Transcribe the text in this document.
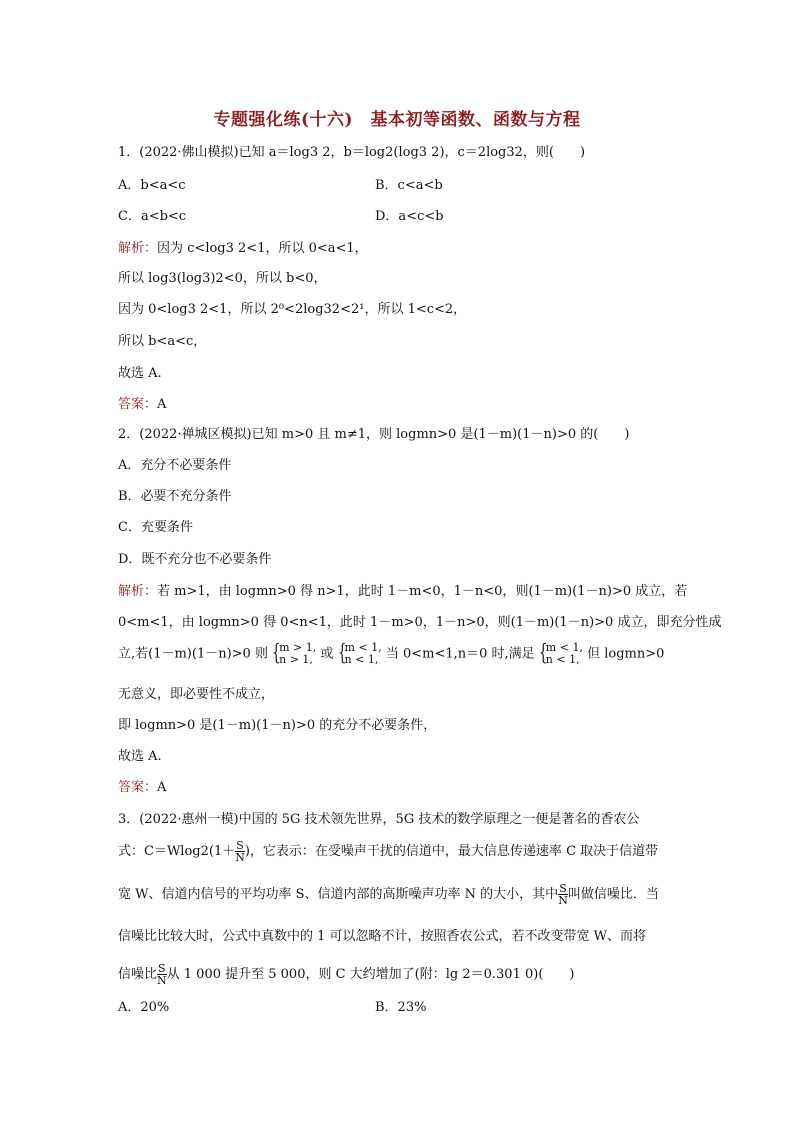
专题强化练(十六)　基本初等函数、函数与方程
1．(2022·佛山模拟)已知 a＝log3 2，b＝log2(log3 2)，c＝2log32，则(　　)
A．b<a<c	B．c<a<b
C．a<b<c	D．a<c<b
解析：因为 c<log3 2<1，所以 0<a<1，
所以 log3(log3)2<0，所以 b<0，
因为 0<log3 2<1，所以 2⁰<2log32<2¹，所以 1<c<2，
所以 b<a<c，
故选 A.
答案：A
2．(2022·禅城区模拟)已知 m>0 且 m≠1，则 logmn>0 是(1－m)(1－n)>0 的(　　)
A．充分不必要条件
B．必要不充分条件
C．充要条件
D．既不充分也不必要条件
解析：若 m>1，由 logmn>0 得 n>1，此时 1－m<0，1－n<0，则(1－m)(1－n)>0 成立，若
0<m<1，由 logmn>0 得 0<n<1，此时 1－m>0，1－n>0，则(1－m)(1－n)>0 成立，即充分性成
立,若(1－m)(1－n)>0 则 { m > 1,
n > 1, 或 { m < 1,
n < 1, 当 0<m<1,n＝0 时,满足 { m < 1,
n < 1, 但 logmn>0
无意义，即必要性不成立，
即 logmn>0 是(1－m)(1－n)>0 的充分不必要条件，
故选 A.
答案：A
3．(2022·惠州一模)中国的 5G 技术领先世界，5G 技术的数学原理之一便是著名的香农公
式：$C=Wlog2(1+ \frac{S}{N}$ )，它表示：在受噪声干扰的信道中，最大信息传递速率 C 取决于信道带
宽 W、信道内信号的平均功率 S、信道内部的高斯噪声功率 N 的大小，其中 $\frac{S}{N}$ 叫做信噪比．当
信噪比比较大时，公式中真数中的 1 可以忽略不计，按照香农公式，若不改变带宽 W、而将
信噪比 $\frac{S}{N}$ 从 1 000 提升至 5 000，则 C 大约增加了(附：lg 2＝0.301 0)(　　)
A．20%	B．23%
